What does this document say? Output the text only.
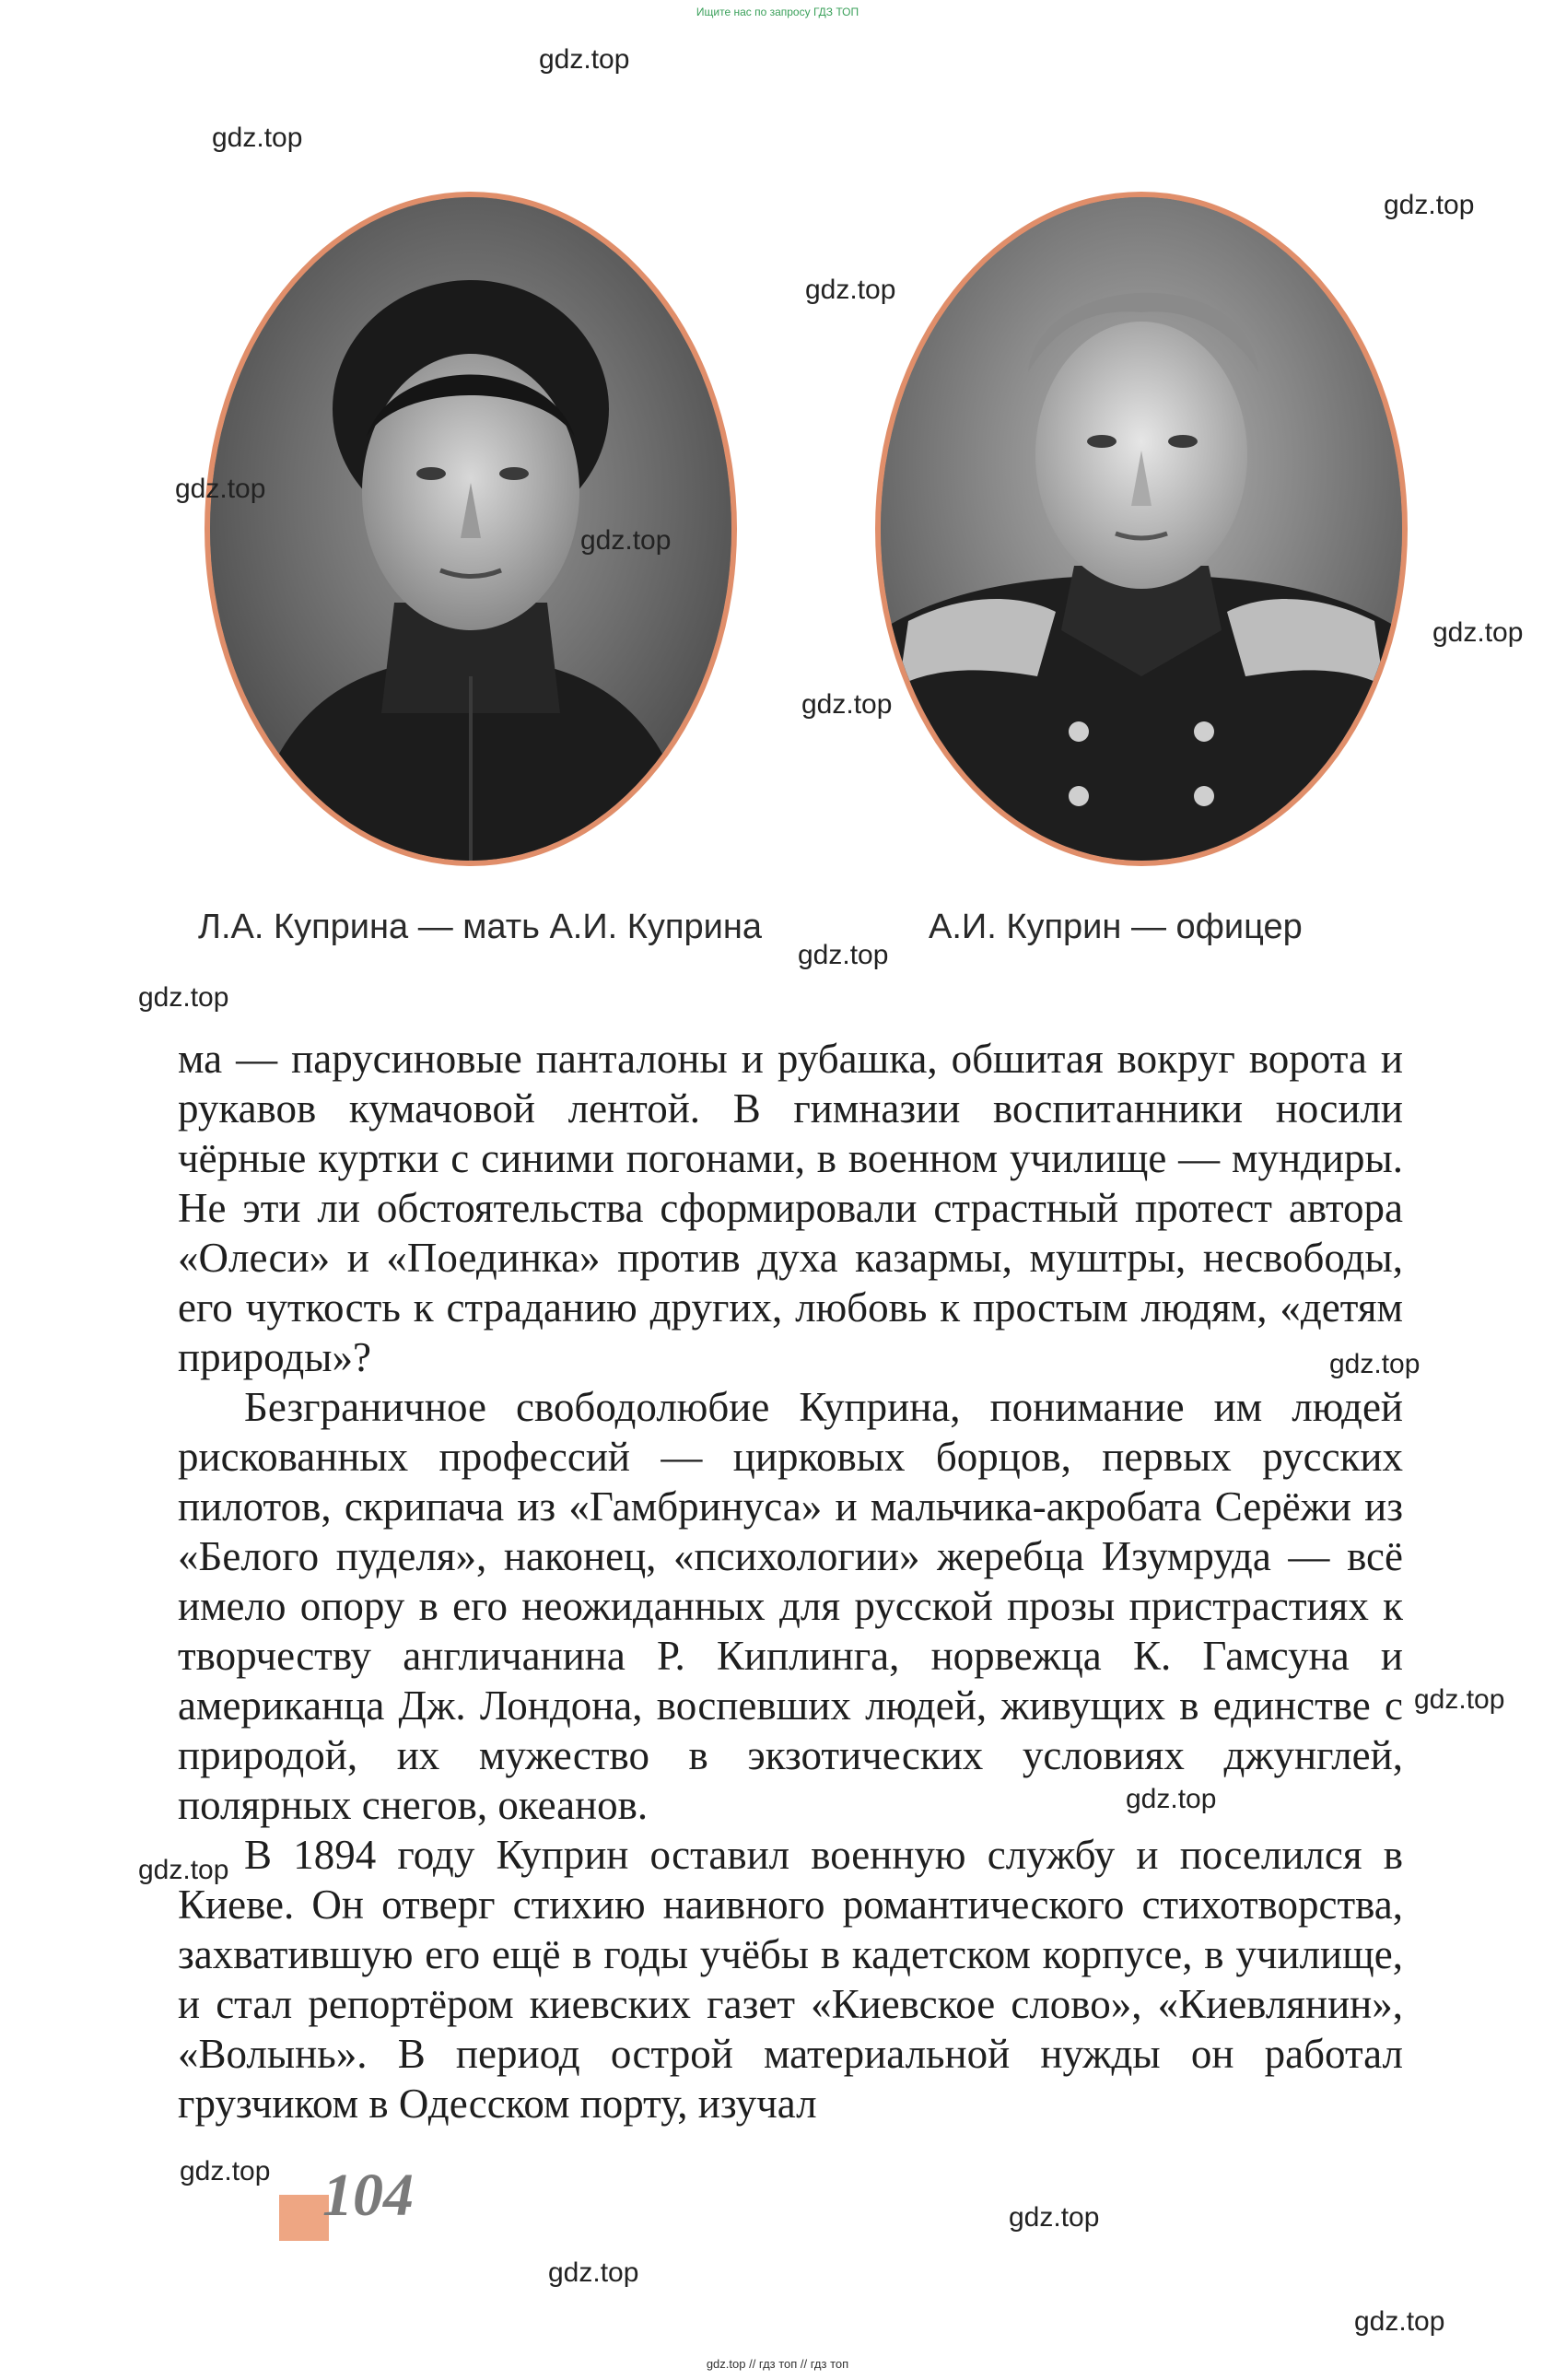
Ищите нас по запросу ГДЗ ТОП
Л.А. Куприна — мать А.И. Куприна	А.И. Куприн — офицер

ма — парусиновые панталоны и рубашка, обшитая вокруг ворота и рукавов кумачовой лентой. В гимназии воспитанники носили чёрные куртки с синими погонами, в военном училище — мундиры. Не эти ли обстоятельства сформировали страстный протест автора «Олеси» и «Поединка» против духа казармы, муштры, несвободы, его чуткость к страданию других, любовь к простым людям, «детям природы»?

Безграничное свободолюбие Куприна, понимание им людей рискованных профессий — цирковых борцов, первых русских пилотов, скрипача из «Гамбринуса» и мальчика-акробата Серёжи из «Белого пуделя», наконец, «психологии» жеребца Изумруда — всё имело опору в его неожиданных для русской прозы пристрастиях к творчеству англичанина Р. Киплинга, норвежца К. Гамсуна и американца Дж. Лондона, воспевших людей, живущих в единстве с природой, их мужество в экзотических условиях джунглей, полярных снегов, океанов.

В 1894 году Куприн оставил военную службу и поселился в Киеве. Он отверг стихию наивного романтического стихотворства, захватившую его ещё в годы учёбы в кадетском корпусе, в училище, и стал репортёром киевских газет «Киевское слово», «Киевлянин», «Волынь». В период острой материальной нужды он работал грузчиком в Одесском порту, изучал

104
gdz.top
gdz.top
gdz.top
gdz.top
gdz.top
gdz.top
gdz.top
gdz.top
gdz.top
gdz.top
gdz.top
gdz.top
gdz.top
gdz.top
gdz.top
gdz.top
gdz.top
gdz.top
gdz.top // гдз топ // гдз топ
